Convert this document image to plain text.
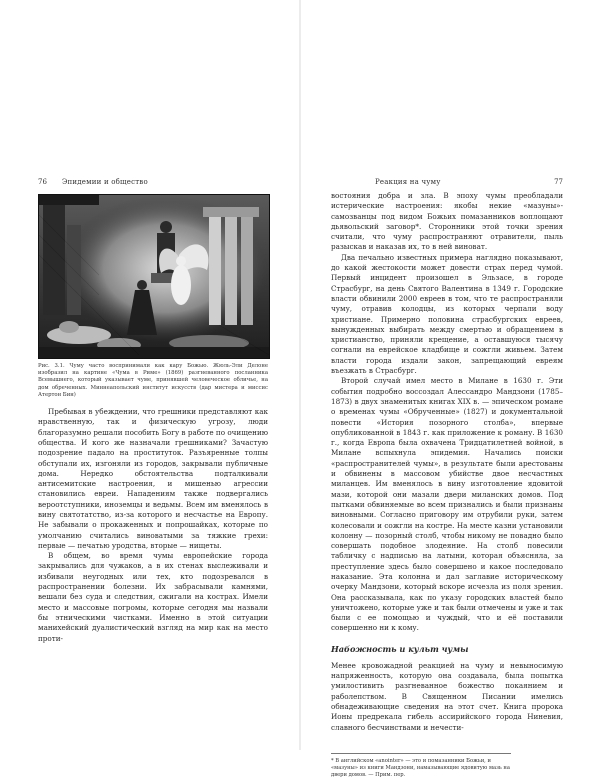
76 Эпидемии и общество
Рис. 3.1. Чуму часто воспринимали как кару Божью. Жюль-Эли Делоне изобразил на картине «Чума в Риме» (1869) разгневанного посланника Всевышнего, который указывает чуме, принявшей человеческое обличье, на дом обреченных. Миннеапольский институт искусств (дар мистера и миссис Атертон Бин)

Пребывая в убеждении, что грешники представляют как нравственную, так и физическую угрозу, люди благоразумно решали пособить Богу в работе по очищению общества. И кого же назначали грешниками? Зачастую подозрение падало на проституток. Разъяренные толпы обступали их, изгоняли из городов, закрывали публичные дома. Нередко обстоятельства подталкивали антисемитские настроения, и мишенью агрессии становились евреи. Нападениям также подвергались вероотступники, иноземцы и ведьмы. Всем им вменялось в вину святотатство, из-за которого и несчастье на Европу. Не забывали о прокаженных и попрошайках, которые по умолчанию считались виноватыми за тяжкие грехи: первые — печатью уродства, вторые — нищеты.

В общем, во время чумы европейские города закрывались для чужаков, а в их стенах выслеживали и избивали неугодных или тех, кто подозревался в распространении болезни. Их забрасывали камнями, вешали без суда и следствия, сжигали на кострах. Имели место и массовые погромы, которые сегодня мы назвали бы этническими чистками. Именно в этой ситуации манихейский дуалистический взгляд на мир как на место проти-

Реакция на чуму	77

востояния добра и зла. В эпоху чумы преобладали истерические настроения: якобы некие «мазуны»-самозванцы под видом Божьих помазанников воплощают дьявольский заговор*. Сторонники этой точки зрения считали, что чуму распространяют отравители, пыль разыскав и наказав их, то в ней виноват.

Два печально известных примера наглядно показывают, до какой жестокости может довести страх перед чумой. Первый инцидент произошел в Эльзасе, в городе Страсбург, на день Святого Валентина в 1349 г. Городские власти обвинили 2000 евреев в том, что те распространяли чуму, отравив колодцы, из которых черпали воду христиане. Примерно половина страсбургских евреев, вынужденных выбирать между смертью и обращением в христианство, приняли крещение, а оставшуюся тысячу согнали на еврейское кладбище и сожгли живьем. Затем власти города издали закон, запрещающий евреям въезжать в Страсбург.

Второй случай имел место в Милане в 1630 г. Эти события подробно воссоздал Алессандро Мандзони (1785–1873) в двух знаменитых книгах XIX в. — эпическом романе о временах чумы «Обрученные» (1827) и документальной повести «История позорного столба», впервые опубликованной в 1843 г. как приложение к роману. В 1630 г., когда Европа была охвачена Тридцатилетней войной, в Милане вспыхнула эпидемия. Начались поиски «распространителей чумы», в результате были арестованы и обвинены в массовом убийстве двое несчастных миланцев. Им вменялось в вину изготовление ядовитой мази, которой они мазали двери миланских домов. Под пытками обвиняемые во всем признались и были признаны виновными. Согласно приговору им отрубили руки, затем колесовали и сожгли на костре. На месте казни установили колонну — позорный столб, чтобы никому не повадно было совершать подобное злодеяние. На столб повесили табличку с надписью на латыни, которая объясняла, за преступление здесь было совершено и какое последовало наказание. Эта колонна и дал заглавие историческому очерку Мандзони, который вскоре исчезла из поля зрения. Она рассказывала, как по указу городских властей было уничтожено, которые уже и так были отмечены и уже и так были с ее помощью и чуждый, что и её поставили совершенно ни к кому.

Набожность и культ чумы

Менее кровожадной реакцией на чуму и невыносимую напряженность, которую она создавала, была попытка умилостивить разгневанное божество покаянием и раболепством. В Священном Писании имелись обнадеживающие сведения на этот счет. Книга пророка Ионы предрекала гибель ассирийского города Ниневия, славного бесчинствами и нечести-

* В английском «anointer» — это и помазанники Божьи, и «мазуны» из книги Мандзони, намазывающие ядовитую мазь на двери домов. — Прим. пер.
